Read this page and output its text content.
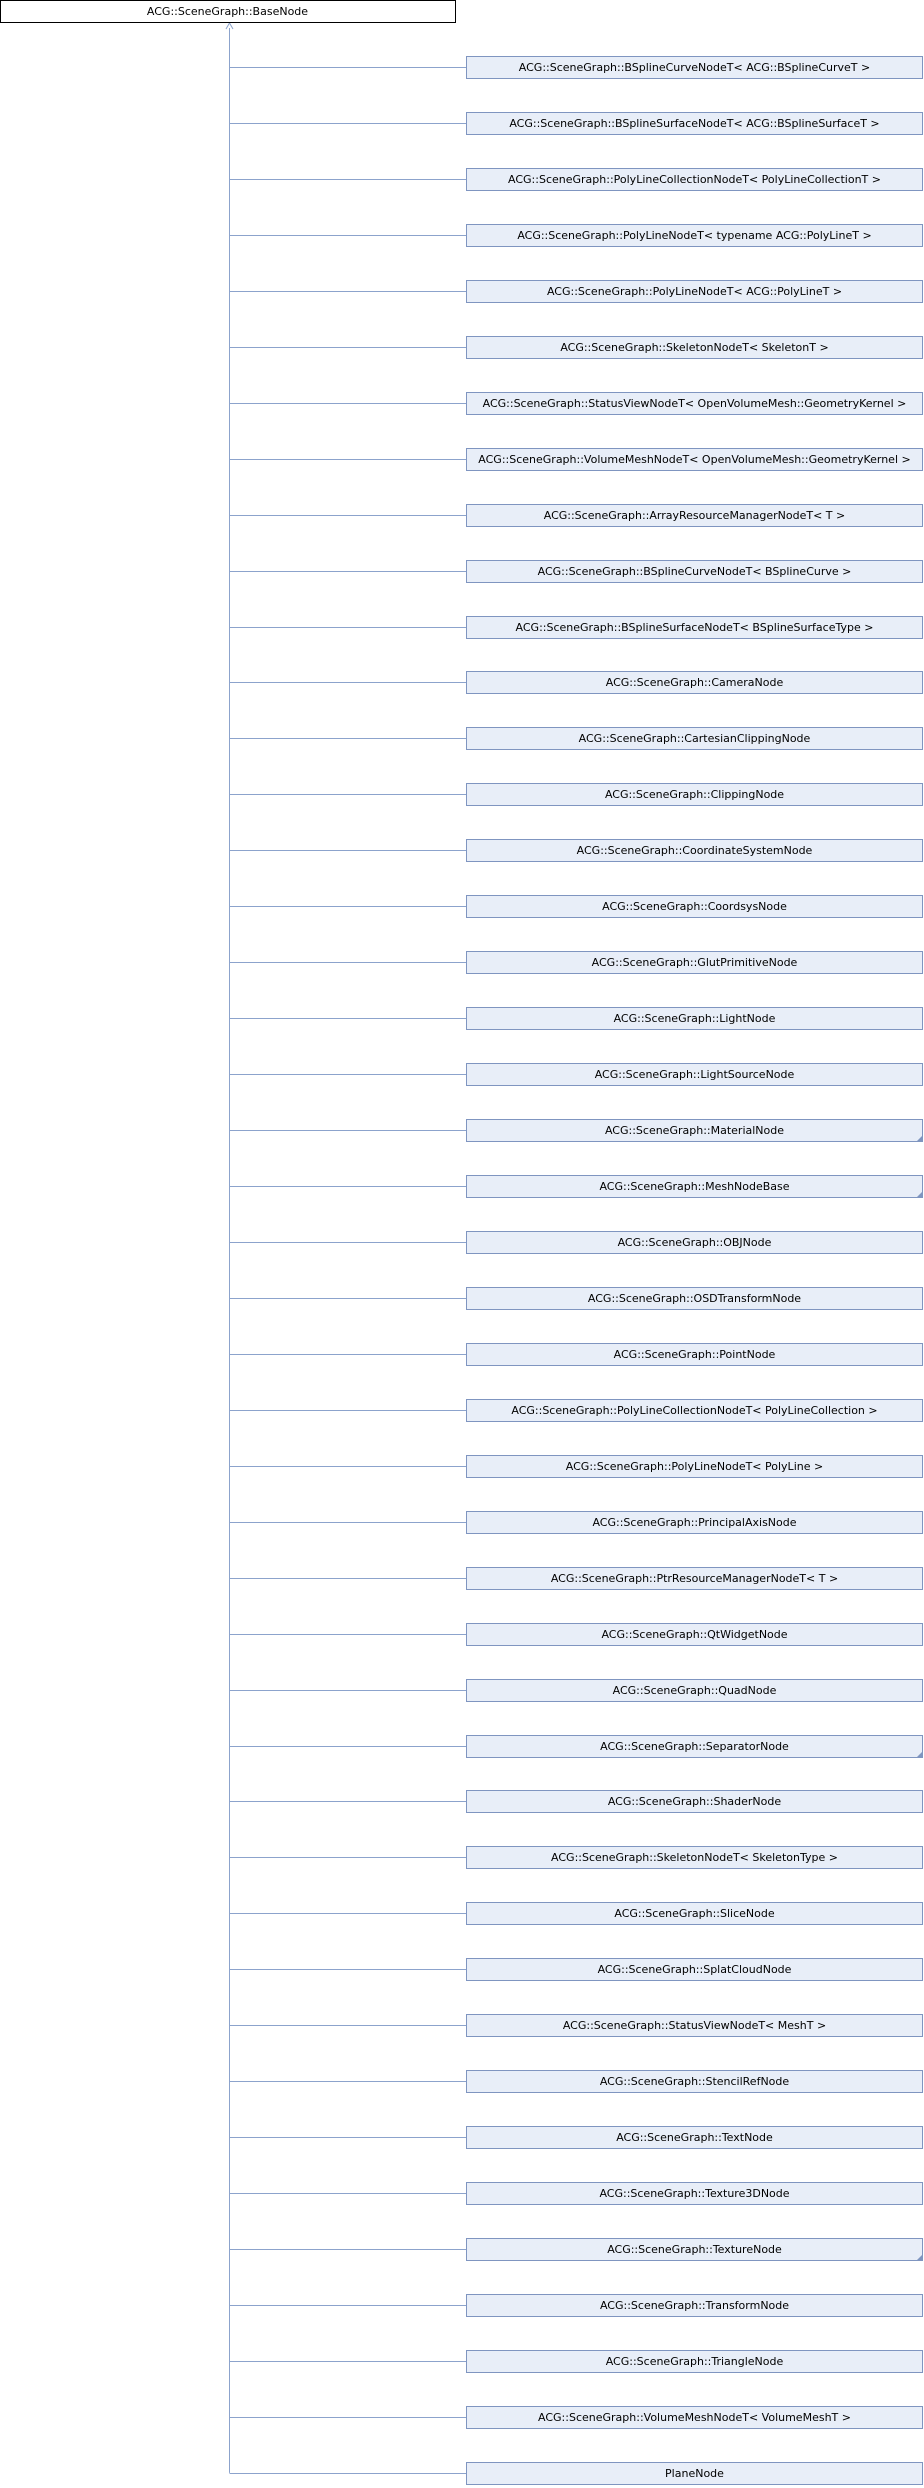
ACG::SceneGraph::BaseNode
ACG::SceneGraph::BSplineCurveNodeT< ACG::BSplineCurveT >
ACG::SceneGraph::BSplineSurfaceNodeT< ACG::BSplineSurfaceT >
ACG::SceneGraph::PolyLineCollectionNodeT< PolyLineCollectionT >
ACG::SceneGraph::PolyLineNodeT< typename ACG::PolyLineT >
ACG::SceneGraph::PolyLineNodeT< ACG::PolyLineT >
ACG::SceneGraph::SkeletonNodeT< SkeletonT >
ACG::SceneGraph::StatusViewNodeT< OpenVolumeMesh::GeometryKernel >
ACG::SceneGraph::VolumeMeshNodeT< OpenVolumeMesh::GeometryKernel >
ACG::SceneGraph::ArrayResourceManagerNodeT< T >
ACG::SceneGraph::BSplineCurveNodeT< BSplineCurve >
ACG::SceneGraph::BSplineSurfaceNodeT< BSplineSurfaceType >
ACG::SceneGraph::CameraNode
ACG::SceneGraph::CartesianClippingNode
ACG::SceneGraph::ClippingNode
ACG::SceneGraph::CoordinateSystemNode
ACG::SceneGraph::CoordsysNode
ACG::SceneGraph::GlutPrimitiveNode
ACG::SceneGraph::LightNode
ACG::SceneGraph::LightSourceNode
ACG::SceneGraph::MaterialNode
ACG::SceneGraph::MeshNodeBase
ACG::SceneGraph::OBJNode
ACG::SceneGraph::OSDTransformNode
ACG::SceneGraph::PointNode
ACG::SceneGraph::PolyLineCollectionNodeT< PolyLineCollection >
ACG::SceneGraph::PolyLineNodeT< PolyLine >
ACG::SceneGraph::PrincipalAxisNode
ACG::SceneGraph::PtrResourceManagerNodeT< T >
ACG::SceneGraph::QtWidgetNode
ACG::SceneGraph::QuadNode
ACG::SceneGraph::SeparatorNode
ACG::SceneGraph::ShaderNode
ACG::SceneGraph::SkeletonNodeT< SkeletonType >
ACG::SceneGraph::SliceNode
ACG::SceneGraph::SplatCloudNode
ACG::SceneGraph::StatusViewNodeT< MeshT >
ACG::SceneGraph::StencilRefNode
ACG::SceneGraph::TextNode
ACG::SceneGraph::Texture3DNode
ACG::SceneGraph::TextureNode
ACG::SceneGraph::TransformNode
ACG::SceneGraph::TriangleNode
ACG::SceneGraph::VolumeMeshNodeT< VolumeMeshT >
PlaneNode
